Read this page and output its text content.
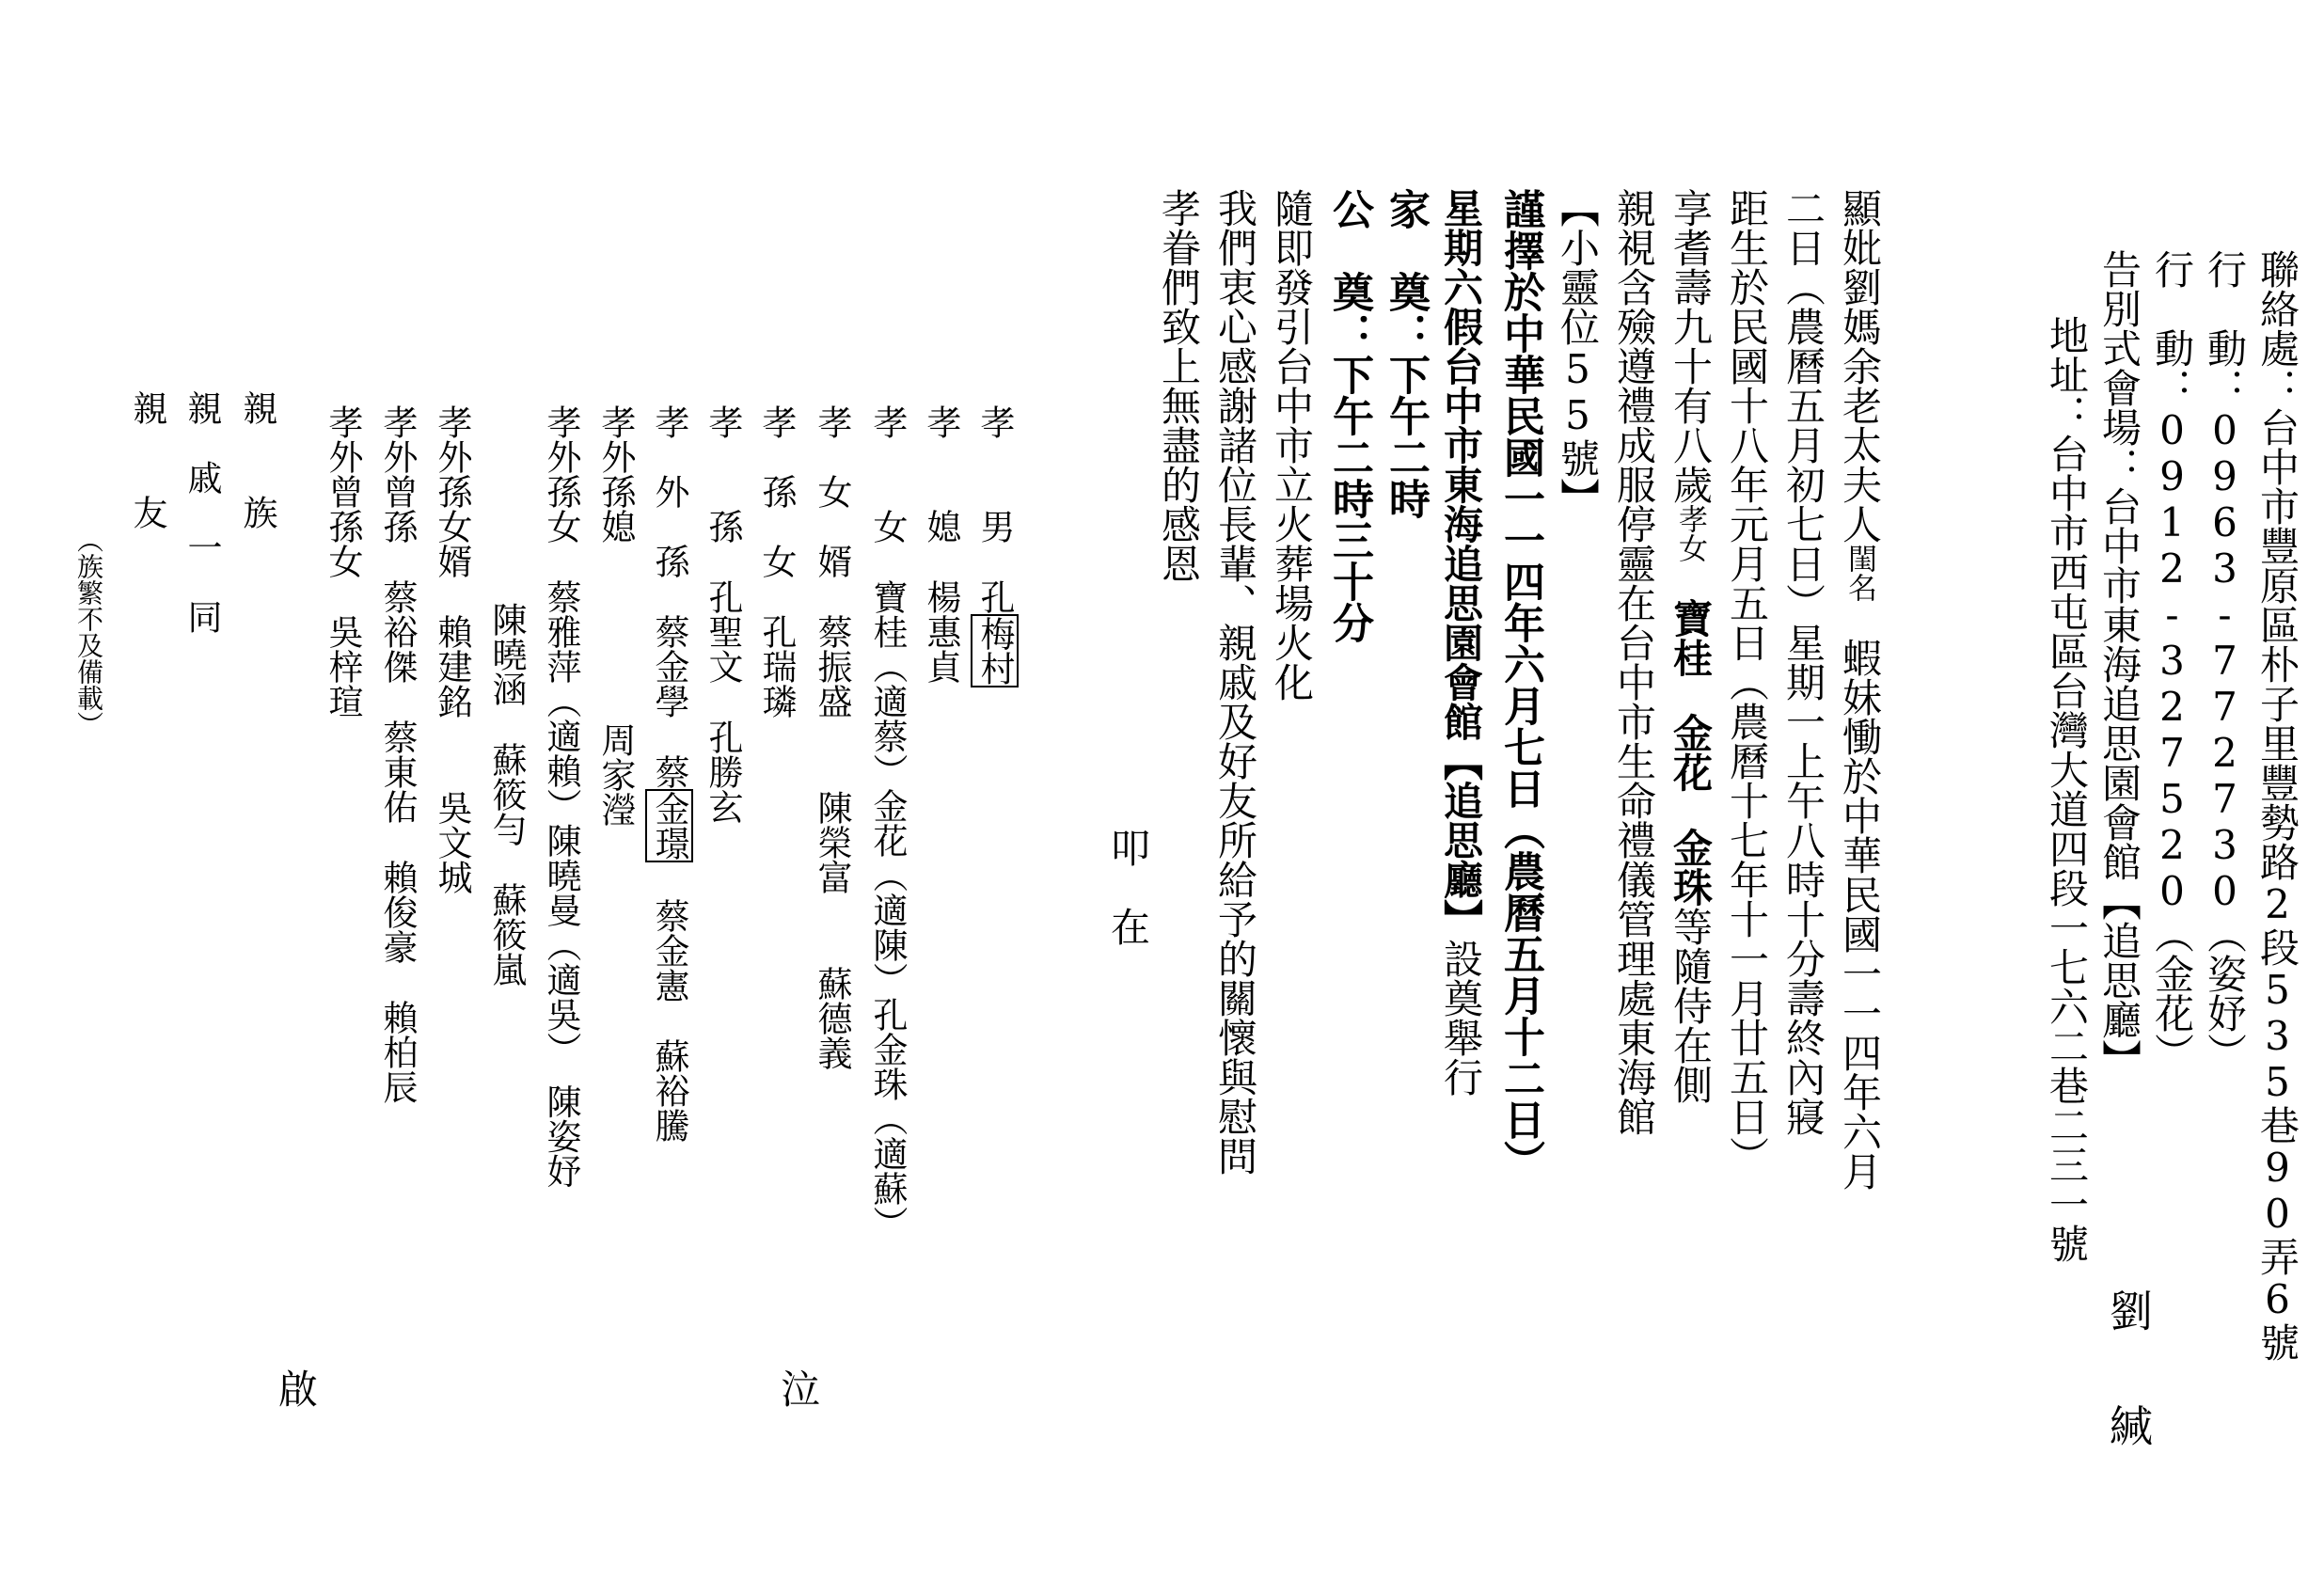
聯絡處：台中市豐原區朴子里豐勢路2段535巷90弄6號
行　動：0963-772730（姿妤）
行　動：0912-327520（金花）
告別式會場：台中市東海追思園會館【追思廳】
地址：台中市西屯區台灣大道四段一七六二巷二三一號
劉緘
顯妣劉媽余老太夫人閨名蝦妹慟於中華民國一一四年六月
二日（農曆五月初七日）星期一上午八時十分壽終內寢
距生於民國十八年元月五日（農曆十七年十一月廿五日）
享耆壽九十有八歲孝女寶桂金花金珠等隨侍在側
親視含殮遵禮成服停靈在台中市生命禮儀管理處東海館
【小靈位55號】
謹擇於中華民國一一四年六月七日（農曆五月十二日）
星期六假台中市東海追思園會館【追思廳】設奠舉行
家　奠：下午二時
公　奠：下午二時三十分
隨即發引台中市立火葬場火化
我們衷心感謝諸位長輩、親戚及好友所給予的關懷與慰問
孝眷們致上無盡的感恩
叩　在
孝　　男孔梅村
孝　　媳楊惠貞
孝　　女寶桂（適蔡）金花（適陳）孔金珠（適蘇）
孝　女　婿蔡振盛陳榮富蘇德義
孝　孫　女孔瑞璘
孝　　孫孔聖文孔勝玄
孝　外　孫蔡金學蔡金璟蔡金憲蘇裕騰
孝外孫媳周家瀅
孝外孫女蔡雅萍（適賴）陳曉曼（適吳）　陳姿妤
陳曉涵蘇筱勻蘇筱嵐
孝外孫女婿賴建銘吳文城
孝外曾孫蔡裕傑蔡東佑賴俊豪賴柏辰
孝外曾孫女吳梓瑄
親　　族
親　戚　一　同
親　　友
（族繁不及備載）
泣
啟
